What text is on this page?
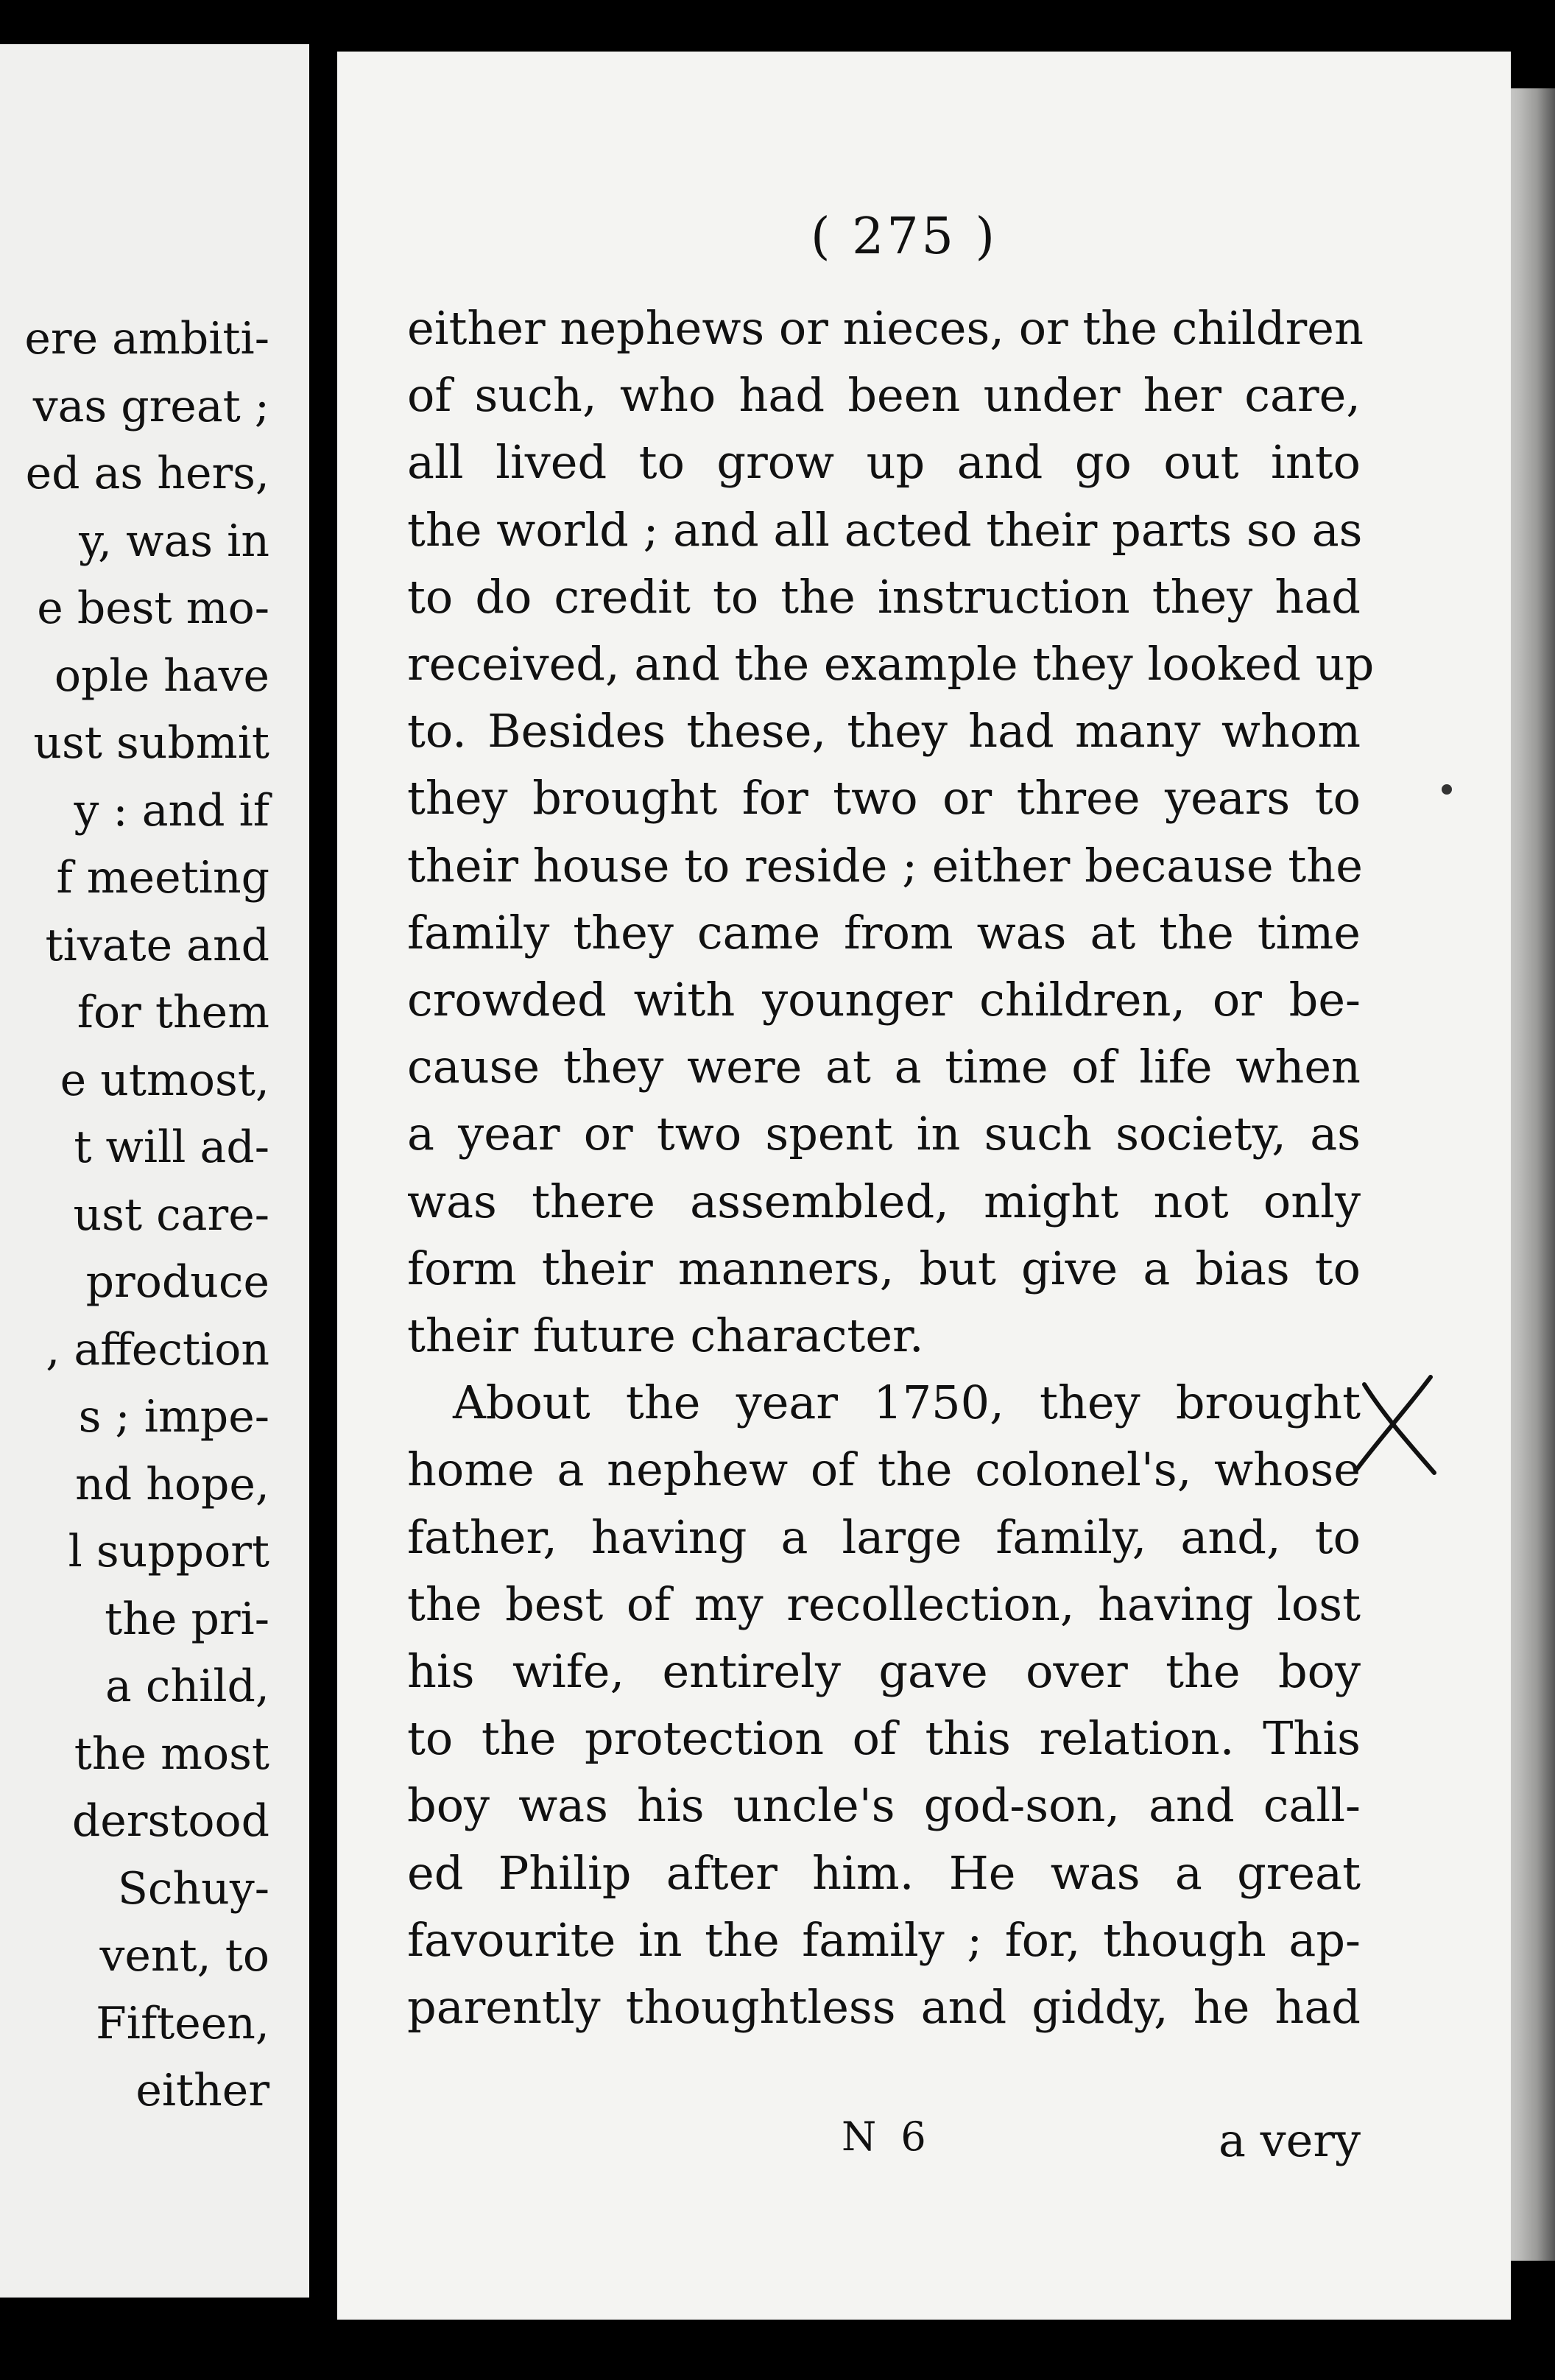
ere ambiti-
vas great ;
ed as hers,
y, was in
e best mo-
ople have
ust submit
y : and if
f meeting
tivate and
for them
e utmost,
t will ad-
ust care-
produce
, affection
s ; impe-
nd hope,
l support
the pri-
a child,
the most
derstood
Schuy-
vent, to
Fifteen,
either
( 275 )
either nephews or nieces, or the children
of such, who had been under her care,
all lived to grow up and go out into
the world ; and all acted their parts so as
to do credit to the instruction they had
received, and the example they looked up
to. Besides these, they had many whom
they brought for two or three years to
their house to reside ; either because the
family they came from was at the time
crowded with younger children, or be-
cause they were at a time of life when
a year or two spent in such society, as
was there assembled, might not only
form their manners, but give a bias to
their future character.
About the year 1750, they brought
home a nephew of the colonel's, whose
father, having a large family, and, to
the best of my recollection, having lost
his wife, entirely gave over the boy
to the protection of this relation. This
boy was his uncle's god-son, and call-
ed Philip after him. He was a great
favourite in the family ; for, though ap-
parently thoughtless and giddy, he had
N 6	a very
